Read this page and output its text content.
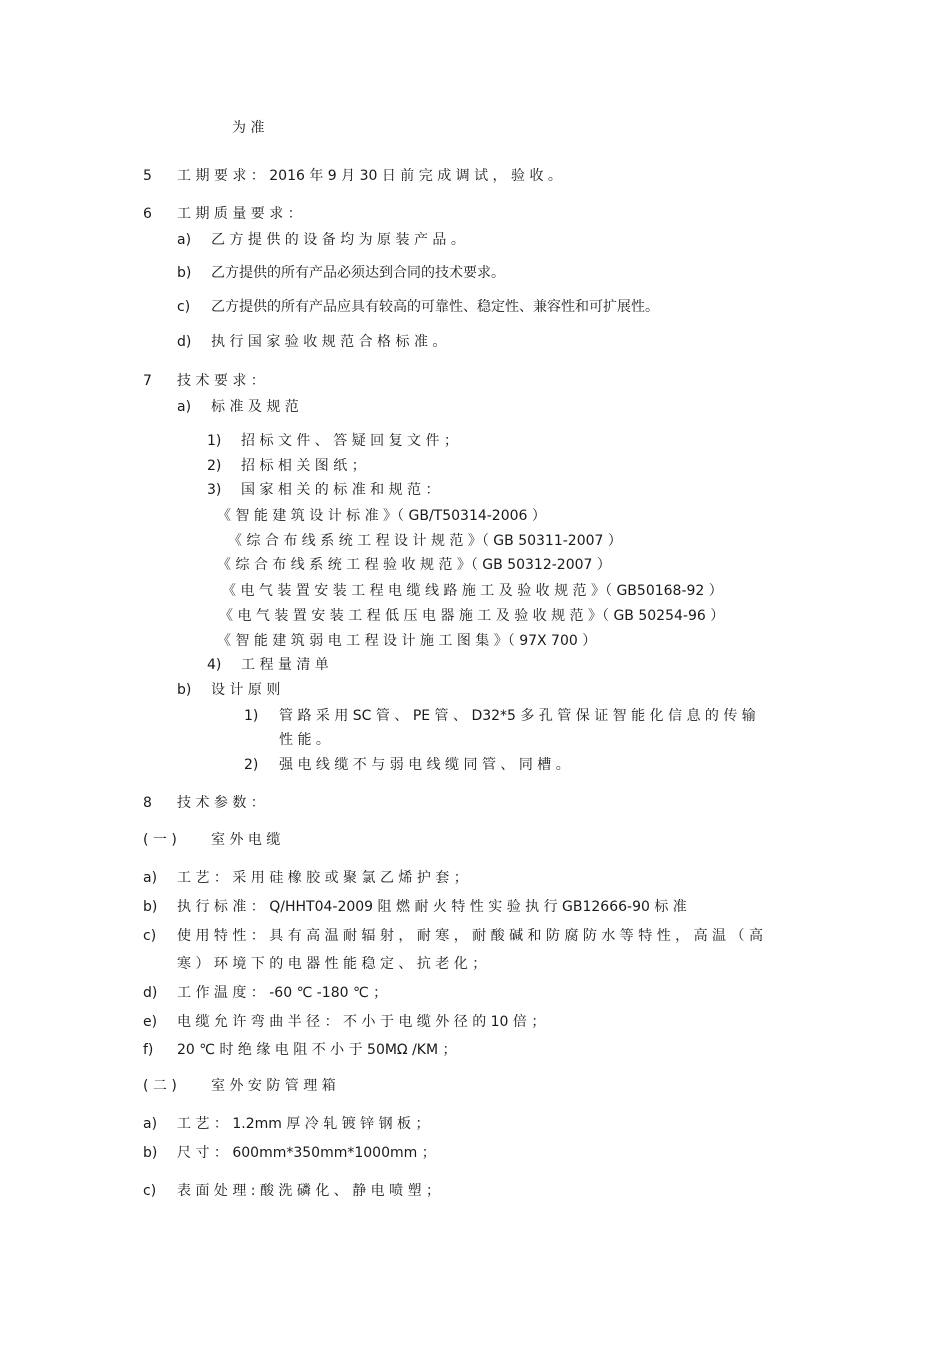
为 准
5 工 期 要 求 ： 2016 年 9 月 30 日 前 完 成 调 试 ， 验 收 。
6 工 期 质 量 要 求 ：
a) 乙 方 提 供 的 设 备 均 为 原 装 产 品 。
b) 乙方提供的所有产品必须达到合同的技术要求。
c) 乙方提供的所有产品应具有较高的可靠性、稳定性、兼容性和可扩展性。
d) 执 行 国 家 验 收 规 范 合 格 标 准 。
7 技 术 要 求 ：
a) 标 准 及 规 范
1) 招 标 文 件 、 答 疑 回 复 文 件 ；
2) 招 标 相 关 图 纸 ；
3) 国 家 相 关 的 标 准 和 规 范 ：
《 智 能 建 筑 设 计 标 准 》（ GB/T50314-2006 ）
《 综 合 布 线 系 统 工 程 设 计 规 范 》（ GB 50311-2007 ）
《 综 合 布 线 系 统 工 程 验 收 规 范 》（ GB 50312-2007 ）
《 电 气 装 置 安 装 工 程 电 缆 线 路 施 工 及 验 收 规 范 》（ GB50168-92 ）
《 电 气 装 置 安 装 工 程 低 压 电 器 施 工 及 验 收 规 范 》（ GB 50254-96 ）
《 智 能 建 筑 弱 电 工 程 设 计 施 工 图 集 》（ 97X 700 ）
4) 工 程 量 清 单
b) 设 计 原 则
1) 管 路 采 用 SC 管 、 PE 管 、 D32*5 多 孔 管 保 证 智 能 化 信 息 的 传 输
性 能 。
2) 强 电 线 缆 不 与 弱 电 线 缆 同 管 、 同 槽 。
8 技 术 参 数 ：
( 一 ) 室 外 电 缆
a) 工 艺 ： 采 用 硅 橡 胶 或 聚 氯 乙 烯 护 套 ；
b) 执 行 标 准 ： Q/HHT04-2009 阻 燃 耐 火 特 性 实 验 执 行 GB12666-90 标 准
c) 使 用 特 性 ： 具 有 高 温 耐 辐 射 ， 耐 寒 ， 耐 酸 碱 和 防 腐 防 水 等 特 性 ， 高 温 （ 高
寒 ） 环 境 下 的 电 器 性 能 稳 定 、 抗 老 化 ；
d) 工 作 温 度 ： -60 ℃ -180 ℃ ；
e) 电 缆 允 许 弯 曲 半 径 ： 不 小 于 电 缆 外 径 的 10 倍 ；
f) 20 ℃ 时 绝 缘 电 阻 不 小 于 50MΩ /KM ；
( 二 ) 室 外 安 防 管 理 箱
a) 工 艺 ： 1.2mm 厚 冷 轧 镀 锌 钢 板 ；
b) 尺 寸 ： 600mm*350mm*1000mm ；
c) 表 面 处 理 : 酸 洗 磷 化 、 静 电 喷 塑 ；
